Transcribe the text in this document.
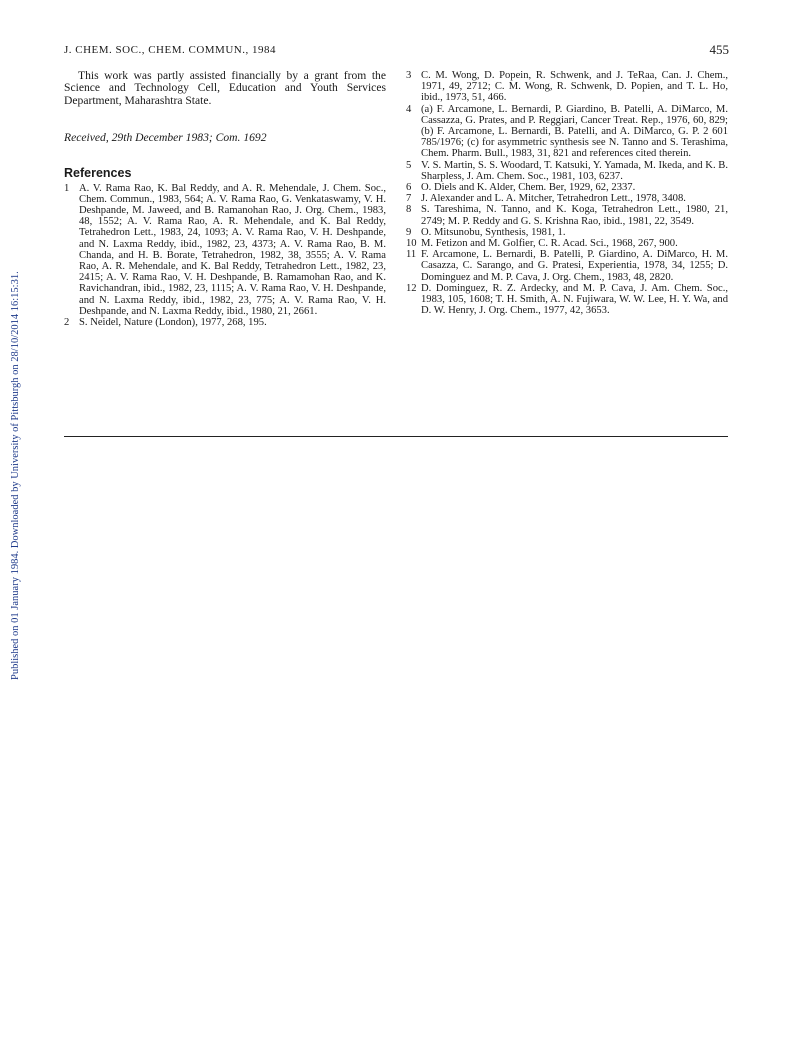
J. CHEM. SOC., CHEM. COMMUN., 1984	455
Published on 01 January 1984. Downloaded by University of Pittsburgh on 28/10/2014 16:15:31.

This work was partly assisted financially by a grant from the Science and Technology Cell, Education and Youth Services Department, Maharashtra State.

Received, 29th December 1983; Com. 1692

References
1 A. V. Rama Rao, K. Bal Reddy, and A. R. Mehendale, J. Chem. Soc., Chem. Commun., 1983, 564; A. V. Rama Rao, G. Venkataswamy, V. H. Deshpande, M. Jaweed, and B. Ramanohan Rao, J. Org. Chem., 1983, 48, 1552; A. V. Rama Rao, A. R. Mehendale, and K. Bal Reddy, Tetrahedron Lett., 1983, 24, 1093; A. V. Rama Rao, V. H. Deshpande, and N. Laxma Reddy, ibid., 1982, 23, 4373; A. V. Rama Rao, B. M. Chanda, and H. B. Borate, Tetrahedron, 1982, 38, 3555; A. V. Rama Rao, A. R. Mehendale, and K. Bal Reddy, Tetrahedron Lett., 1982, 23, 2415; A. V. Rama Rao, V. H. Deshpande, B. Ramamohan Rao, and K. Ravichandran, ibid., 1982, 23, 1115; A. V. Rama Rao, V. H. Deshpande, and N. Laxma Reddy, ibid., 1982, 23, 775; A. V. Rama Rao, V. H. Deshpande, and N. Laxma Reddy, ibid., 1980, 21, 2661.
2 S. Neidel, Nature (London), 1977, 268, 195.
3 C. M. Wong, D. Popein, R. Schwenk, and J. TeRaa, Can. J. Chem., 1971, 49, 2712; C. M. Wong, R. Schwenk, D. Popien, and T. L. Ho, ibid., 1973, 51, 466.
4 (a) F. Arcamone, L. Bernardi, P. Giardino, B. Patelli, A. DiMarco, M. Cassazza, G. Prates, and P. Reggiari, Cancer Treat. Rep., 1976, 60, 829; (b) F. Arcamone, L. Bernardi, B. Patelli, and A. DiMarco, G. P. 2 601 785/1976; (c) for asymmetric synthesis see N. Tanno and S. Terashima, Chem. Pharm. Bull., 1983, 31, 821 and references cited therein.
5 V. S. Martin, S. S. Woodard, T. Katsuki, Y. Yamada, M. Ikeda, and K. B. Sharpless, J. Am. Chem. Soc., 1981, 103, 6237.
6 O. Diels and K. Alder, Chem. Ber, 1929, 62, 2337.
7 J. Alexander and L. A. Mitcher, Tetrahedron Lett., 1978, 3408.
8 S. Tareshima, N. Tanno, and K. Koga, Tetrahedron Lett., 1980, 21, 2749; M. P. Reddy and G. S. Krishna Rao, ibid., 1981, 22, 3549.
9 O. Mitsunobu, Synthesis, 1981, 1.
10 M. Fetizon and M. Golfier, C. R. Acad. Sci., 1968, 267, 900.
11 F. Arcamone, L. Bernardi, B. Patelli, P. Giardino, A. DiMarco, H. M. Casazza, C. Sarango, and G. Pratesi, Experientia, 1978, 34, 1255; D. Dominguez and M. P. Cava, J. Org. Chem., 1983, 48, 2820.
12 D. Dominguez, R. Z. Ardecky, and M. P. Cava, J. Am. Chem. Soc., 1983, 105, 1608; T. H. Smith, A. N. Fujiwara, W. W. Lee, H. Y. Wa, and D. W. Henry, J. Org. Chem., 1977, 42, 3653.
